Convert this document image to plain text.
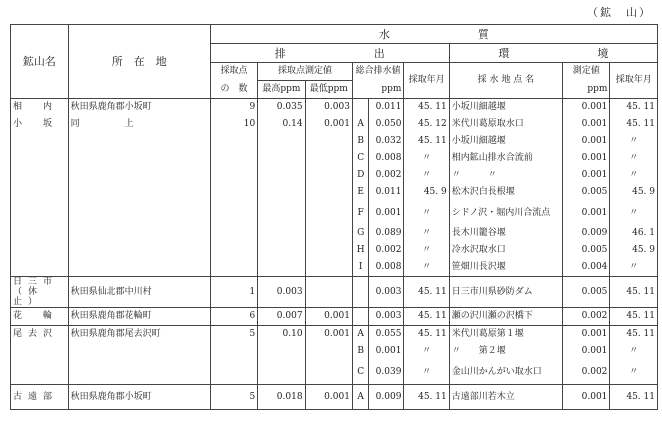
（鉱　山）
鉱山名	所　在　地	水　　　　　　　　質								
		排　　　　　　　　出						環　　　　　　　　境		
		採取点	採取点測定値		総合排水値		採取年月	採 水 地 点 名	測定値	採取年月
		の　数	最高ppm	最低ppm	ppm				ppm	
相　内	秋田県鹿角郡小坂町	9	0.035	0.003		0.011	45. 11	小坂川細越堰	0.001	45. 11
小　坂	同　　　　　上	10	0.14	0.001	A	0.050	45. 12	米代川葛原取水口	0.001	45. 11
					B	0.032	45. 11	小坂川細越堰	0.001	〃
					C	0.008	〃	相内鉱山排水合流前	0.001	〃
					D	0.002	〃	〃　　　〃	0.001	〃
					E	0.011	45. 9	松木沢白長根堰	0.005	45. 9
					F	0.001	〃	シドノ沢・堀内川合流点	0.001	〃
					G	0.089	〃	長木川籠谷堰	0.009	46. 1
					H	0.002	〃	冷水沢取水口	0.005	45. 9
					I	0.008	〃	笹畑川長沢堰	0.004	〃
日三市（休止）	秋田県仙北郡中川村	1	0.003			0.003	45. 11	日三市川県砂防ダム	0.005	45. 11
花　輪	秋田県鹿角郡花輪町	6	0.007	0.001		0.003	45. 11	瀬の沢川瀬の沢橋下	0.002	45. 11
尾去沢	秋田県鹿角郡尾去沢町	5	0.10	0.001	A	0.055	45. 11	米代川葛原第１堰	0.001	45. 11
					B	0.001	〃	〃　　第２堰	0.001	〃
					C	0.039	〃	金山川かんがい取水口	0.002	〃
古遠部	秋田県鹿角郡小坂町	5	0.018	0.001	A	0.009	45. 11	古遠部川若木立	0.001	45. 11
